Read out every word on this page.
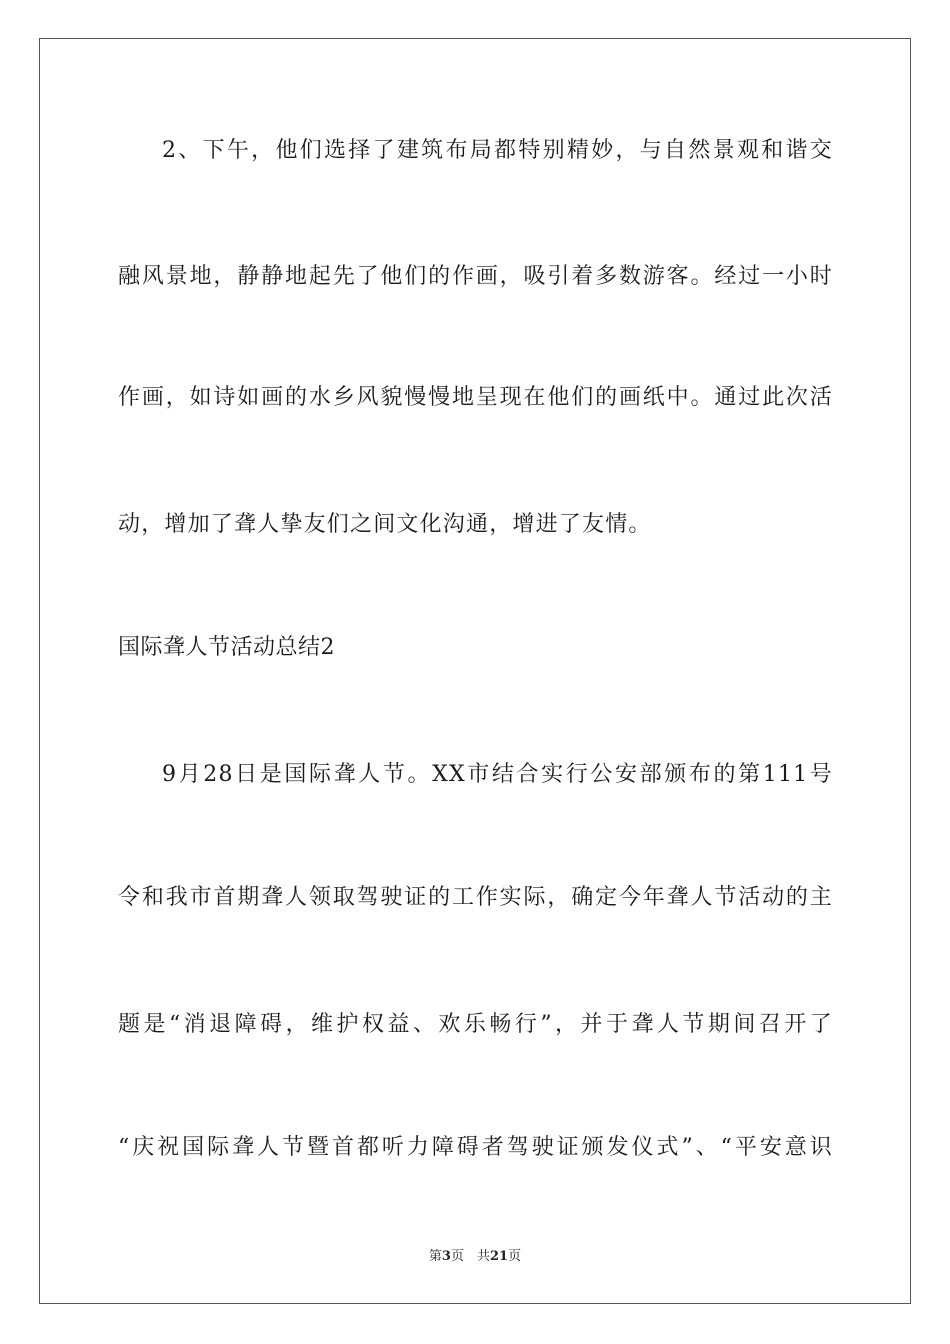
2、下午，他们选择了建筑布局都特别精妙，与自然景观和谐交
融风景地，静静地起先了他们的作画，吸引着多数游客。经过一小时
作画，如诗如画的水乡风貌慢慢地呈现在他们的画纸中。通过此次活
动，增加了聋人挚友们之间文化沟通，增进了友情。
国际聋人节活动总结2
9月28日是国际聋人节。XX市结合实行公安部颁布的第111号
令和我市首期聋人领取驾驶证的工作实际，确定今年聋人节活动的主
题是“消退障碍，维护权益、欢乐畅行”，并于聋人节期间召开了
“庆祝国际聋人节暨首都听力障碍者驾驶证颁发仪式”、“平安意识
第3页　共21页
